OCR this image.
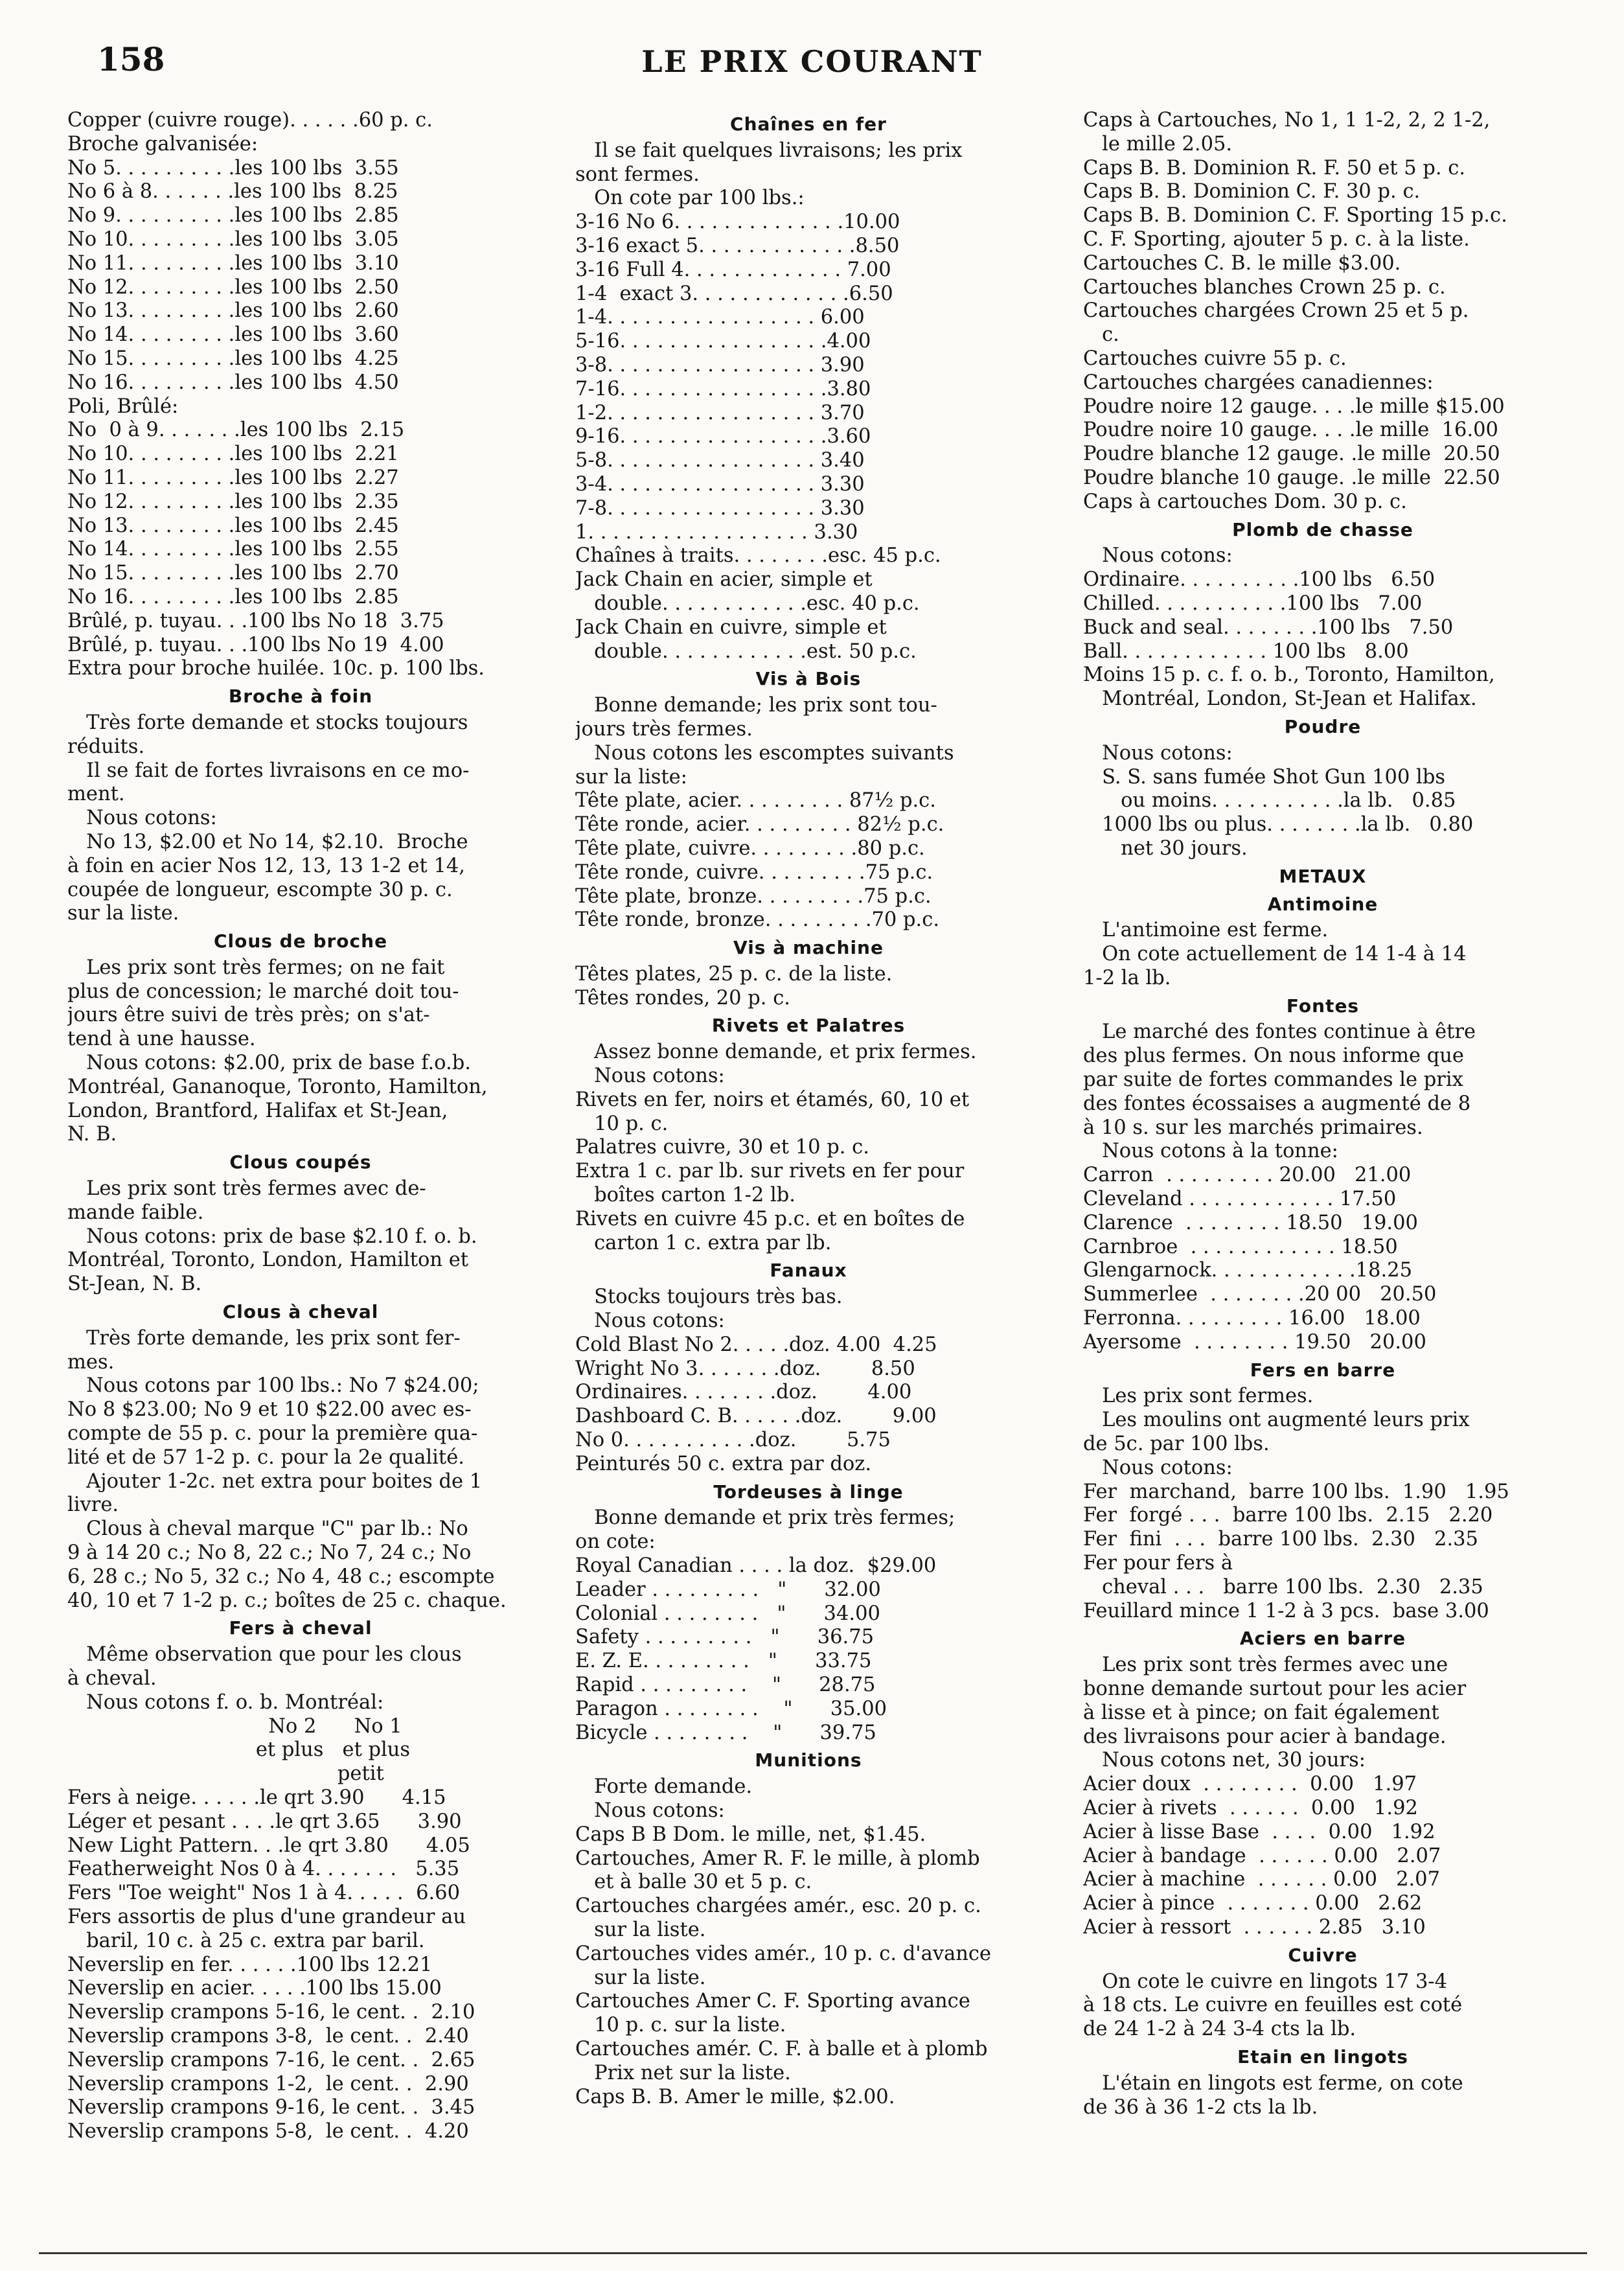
158	LE PRIX COURANT
Copper (cuivre rouge). . . . . .60 p. c.
Broche galvanisée:
No 5. . . . . . . . . .les 100 lbs  3.55
No 6 à 8. . . . . . .les 100 lbs  8.25
No 9. . . . . . . . . .les 100 lbs  2.85
No 10. . . . . . . . .les 100 lbs  3.05
No 11. . . . . . . . .les 100 lbs  3.10
No 12. . . . . . . . .les 100 lbs  2.50
No 13. . . . . . . . .les 100 lbs  2.60
No 14. . . . . . . . .les 100 lbs  3.60
No 15. . . . . . . . .les 100 lbs  4.25
No 16. . . . . . . . .les 100 lbs  4.50
Poli, Brûlé:
No  0 à 9. . . . . . .les 100 lbs  2.15
No 10. . . . . . . . .les 100 lbs  2.21
No 11. . . . . . . . .les 100 lbs  2.27
No 12. . . . . . . . .les 100 lbs  2.35
No 13. . . . . . . . .les 100 lbs  2.45
No 14. . . . . . . . .les 100 lbs  2.55
No 15. . . . . . . . .les 100 lbs  2.70
No 16. . . . . . . . .les 100 lbs  2.85
Brûlé, p. tuyau. . .100 lbs No 18  3.75
Brûlé, p. tuyau. . .100 lbs No 19  4.00
Extra pour broche huilée. 10c. p. 100 lbs.
Broche à foin
Très forte demande et stocks toujours
réduits.
Il se fait de fortes livraisons en ce mo-
ment.
Nous cotons:
No 13, $2.00 et No 14, $2.10.  Broche
à foin en acier Nos 12, 13, 13 1-2 et 14,
coupée de longueur, escompte 30 p. c.
sur la liste.
Clous de broche
Les prix sont très fermes; on ne fait
plus de concession; le marché doit tou-
jours être suivi de très près; on s'at-
tend à une hausse.
Nous cotons: $2.00, prix de base f.o.b.
Montréal, Gananoque, Toronto, Hamilton,
London, Brantford, Halifax et St-Jean,
N. B.
Clous coupés
Les prix sont très fermes avec de-
mande faible.
Nous cotons: prix de base $2.10 f. o. b.
Montréal, Toronto, London, Hamilton et
St-Jean, N. B.
Clous à cheval
Très forte demande, les prix sont fer-
mes.
Nous cotons par 100 lbs.: No 7 $24.00;
No 8 $23.00; No 9 et 10 $22.00 avec es-
compte de 55 p. c. pour la première qua-
lité et de 57 1-2 p. c. pour la 2e qualité.
Ajouter 1-2c. net extra pour boites de 1
livre.
Clous à cheval marque "C" par lb.: No
9 à 14 20 c.; No 8, 22 c.; No 7, 24 c.; No
6, 28 c.; No 5, 32 c.; No 4, 48 c.; escompte
40, 10 et 7 1-2 p. c.; boîtes de 25 c. chaque.
Fers à cheval
Même observation que pour les clous
à cheval.
Nous cotons f. o. b. Montréal:
No 2      No 1
et plus   et plus
petit
Fers à neige. . . . . .le qrt 3.90      4.15
Léger et pesant . . . .le qrt 3.65      3.90
New Light Pattern. . .le qrt 3.80      4.05
Featherweight Nos 0 à 4. . . . . . .   5.35
Fers "Toe weight" Nos 1 à 4. . . . .  6.60
Fers assortis de plus d'une grandeur au
baril, 10 c. à 25 c. extra par baril.
Neverslip en fer. . . . . .100 lbs 12.21
Neverslip en acier. . . . .100 lbs 15.00
Neverslip crampons 5-16, le cent. .  2.10
Neverslip crampons 3-8,  le cent. .  2.40
Neverslip crampons 7-16, le cent. .  2.65
Neverslip crampons 1-2,  le cent. .  2.90
Neverslip crampons 9-16, le cent. .  3.45
Neverslip crampons 5-8,  le cent. .  4.20
Chaînes en fer
Il se fait quelques livraisons; les prix
sont fermes.
On cote par 100 lbs.:
3-16 No 6. . . . . . . . . . . . . .10.00
3-16 exact 5. . . . . . . . . . . . .8.50
3-16 Full 4. . . . . . . . . . . . . 7.00
1-4  exact 3. . . . . . . . . . . . .6.50
1-4. . . . . . . . . . . . . . . . . 6.00
5-16. . . . . . . . . . . . . . . . .4.00
3-8. . . . . . . . . . . . . . . . . 3.90
7-16. . . . . . . . . . . . . . . . .3.80
1-2. . . . . . . . . . . . . . . . . 3.70
9-16. . . . . . . . . . . . . . . . .3.60
5-8. . . . . . . . . . . . . . . . . 3.40
3-4. . . . . . . . . . . . . . . . . 3.30
7-8. . . . . . . . . . . . . . . . . 3.30
1. . . . . . . . . . . . . . . . . . 3.30
Chaînes à traits. . . . . . . .esc. 45 p.c.
Jack Chain en acier, simple et
double. . . . . . . . . . . .esc. 40 p.c.
Jack Chain en cuivre, simple et
double. . . . . . . . . . . .est. 50 p.c.
Vis à Bois
Bonne demande; les prix sont tou-
jours très fermes.
Nous cotons les escomptes suivants
sur la liste:
Tête plate, acier. . . . . . . . . 87½ p.c.
Tête ronde, acier. . . . . . . . . 82½ p.c.
Tête plate, cuivre. . . . . . . . .80 p.c.
Tête ronde, cuivre. . . . . . . . .75 p.c.
Tête plate, bronze. . . . . . . . .75 p.c.
Tête ronde, bronze. . . . . . . . .70 p.c.
Vis à machine
Têtes plates, 25 p. c. de la liste.
Têtes rondes, 20 p. c.
Rivets et Palatres
Assez bonne demande, et prix fermes.
Nous cotons:
Rivets en fer, noirs et étamés, 60, 10 et
10 p. c.
Palatres cuivre, 30 et 10 p. c.
Extra 1 c. par lb. sur rivets en fer pour
boîtes carton 1-2 lb.
Rivets en cuivre 45 p.c. et en boîtes de
carton 1 c. extra par lb.
Fanaux
Stocks toujours très bas.
Nous cotons:
Cold Blast No 2. . . . .doz. 4.00  4.25
Wright No 3. . . . . . .doz.        8.50
Ordinaires. . . . . . . .doz.        4.00
Dashboard C. B. . . . . .doz.        9.00
No 0. . . . . . . . . . .doz.        5.75
Peinturés 50 c. extra par doz.
Tordeuses à linge
Bonne demande et prix très fermes;
on cote:
Royal Canadian . . . . la doz.  $29.00
Leader . . . . . . . . .   "      32.00
Colonial . . . . . . . .   "      34.00
Safety . . . . . . . . .   "      36.75
E. Z. E. . . . . . . . .   "      33.75
Rapid . . . . . . . . .    "      28.75
Paragon . . . . . . . .    "      35.00
Bicycle . . . . . . . .    "      39.75
Munitions
Forte demande.
Nous cotons:
Caps B B Dom. le mille, net, $1.45.
Cartouches, Amer R. F. le mille, à plomb
et à balle 30 et 5 p. c.
Cartouches chargées amér., esc. 20 p. c.
sur la liste.
Cartouches vides amér., 10 p. c. d'avance
sur la liste.
Cartouches Amer C. F. Sporting avance
10 p. c. sur la liste.
Cartouches amér. C. F. à balle et à plomb
Prix net sur la liste.
Caps B. B. Amer le mille, $2.00.
Caps à Cartouches, No 1, 1 1-2, 2, 2 1-2,
le mille 2.05.
Caps B. B. Dominion R. F. 50 et 5 p. c.
Caps B. B. Dominion C. F. 30 p. c.
Caps B. B. Dominion C. F. Sporting 15 p.c.
C. F. Sporting, ajouter 5 p. c. à la liste.
Cartouches C. B. le mille $3.00.
Cartouches blanches Crown 25 p. c.
Cartouches chargées Crown 25 et 5 p.
c.
Cartouches cuivre 55 p. c.
Cartouches chargées canadiennes:
Poudre noire 12 gauge. . . .le mille $15.00
Poudre noire 10 gauge. . . .le mille  16.00
Poudre blanche 12 gauge. .le mille  20.50
Poudre blanche 10 gauge. .le mille  22.50
Caps à cartouches Dom. 30 p. c.
Plomb de chasse
Nous cotons:
Ordinaire. . . . . . . . . .100 lbs   6.50
Chilled. . . . . . . . . . .100 lbs   7.00
Buck and seal. . . . . . . .100 lbs   7.50
Ball. . . . . . . . . . . . 100 lbs   8.00
Moins 15 p. c. f. o. b., Toronto, Hamilton,
Montréal, London, St-Jean et Halifax.
Poudre
Nous cotons:
S. S. sans fumée Shot Gun 100 lbs
ou moins. . . . . . . . . . .la lb.   0.85
1000 lbs ou plus. . . . . . . .la lb.   0.80
net 30 jours.
METAUX
Antimoine
L'antimoine est ferme.
On cote actuellement de 14 1-4 à 14
1-2 la lb.
Fontes
Le marché des fontes continue à être
des plus fermes. On nous informe que
par suite de fortes commandes le prix
des fontes écossaises a augmenté de 8
à 10 s. sur les marchés primaires.
Nous cotons à la tonne:
Carron  . . . . . . . . . 20.00   21.00
Cleveland . . . . . . . . . . . . 17.50
Clarence  . . . . . . . . 18.50   19.00
Carnbroe  . . . . . . . . . . . . 18.50
Glengarnock. . . . . . . . . . . .18.25
Summerlee  . . . . . . . .20 00   20.50
Ferronna. . . . . . . . . 16.00   18.00
Ayersome  . . . . . . . . 19.50   20.00
Fers en barre
Les prix sont fermes.
Les moulins ont augmenté leurs prix
de 5c. par 100 lbs.
Nous cotons:
Fer  marchand,  barre 100 lbs.  1.90   1.95
Fer  forgé . . .  barre 100 lbs.  2.15   2.20
Fer  fini  . . .  barre 100 lbs.  2.30   2.35
Fer pour fers à
cheval . . .   barre 100 lbs.  2.30   2.35
Feuillard mince 1 1-2 à 3 pcs.  base 3.00
Aciers en barre
Les prix sont très fermes avec une
bonne demande surtout pour les acier
à lisse et à pince; on fait également
des livraisons pour acier à bandage.
Nous cotons net, 30 jours:
Acier doux  . . . . . . . .  0.00   1.97
Acier à rivets  . . . . . .  0.00   1.92
Acier à lisse Base  . . . .  0.00   1.92
Acier à bandage  . . . . . . 0.00   2.07
Acier à machine  . . . . . . 0.00   2.07
Acier à pince  . . . . . . . 0.00   2.62
Acier à ressort  . . . . . . 2.85   3.10
Cuivre
On cote le cuivre en lingots 17 3-4
à 18 cts. Le cuivre en feuilles est coté
de 24 1-2 à 24 3-4 cts la lb.
Etain en lingots
L'étain en lingots est ferme, on cote
de 36 à 36 1-2 cts la lb.
